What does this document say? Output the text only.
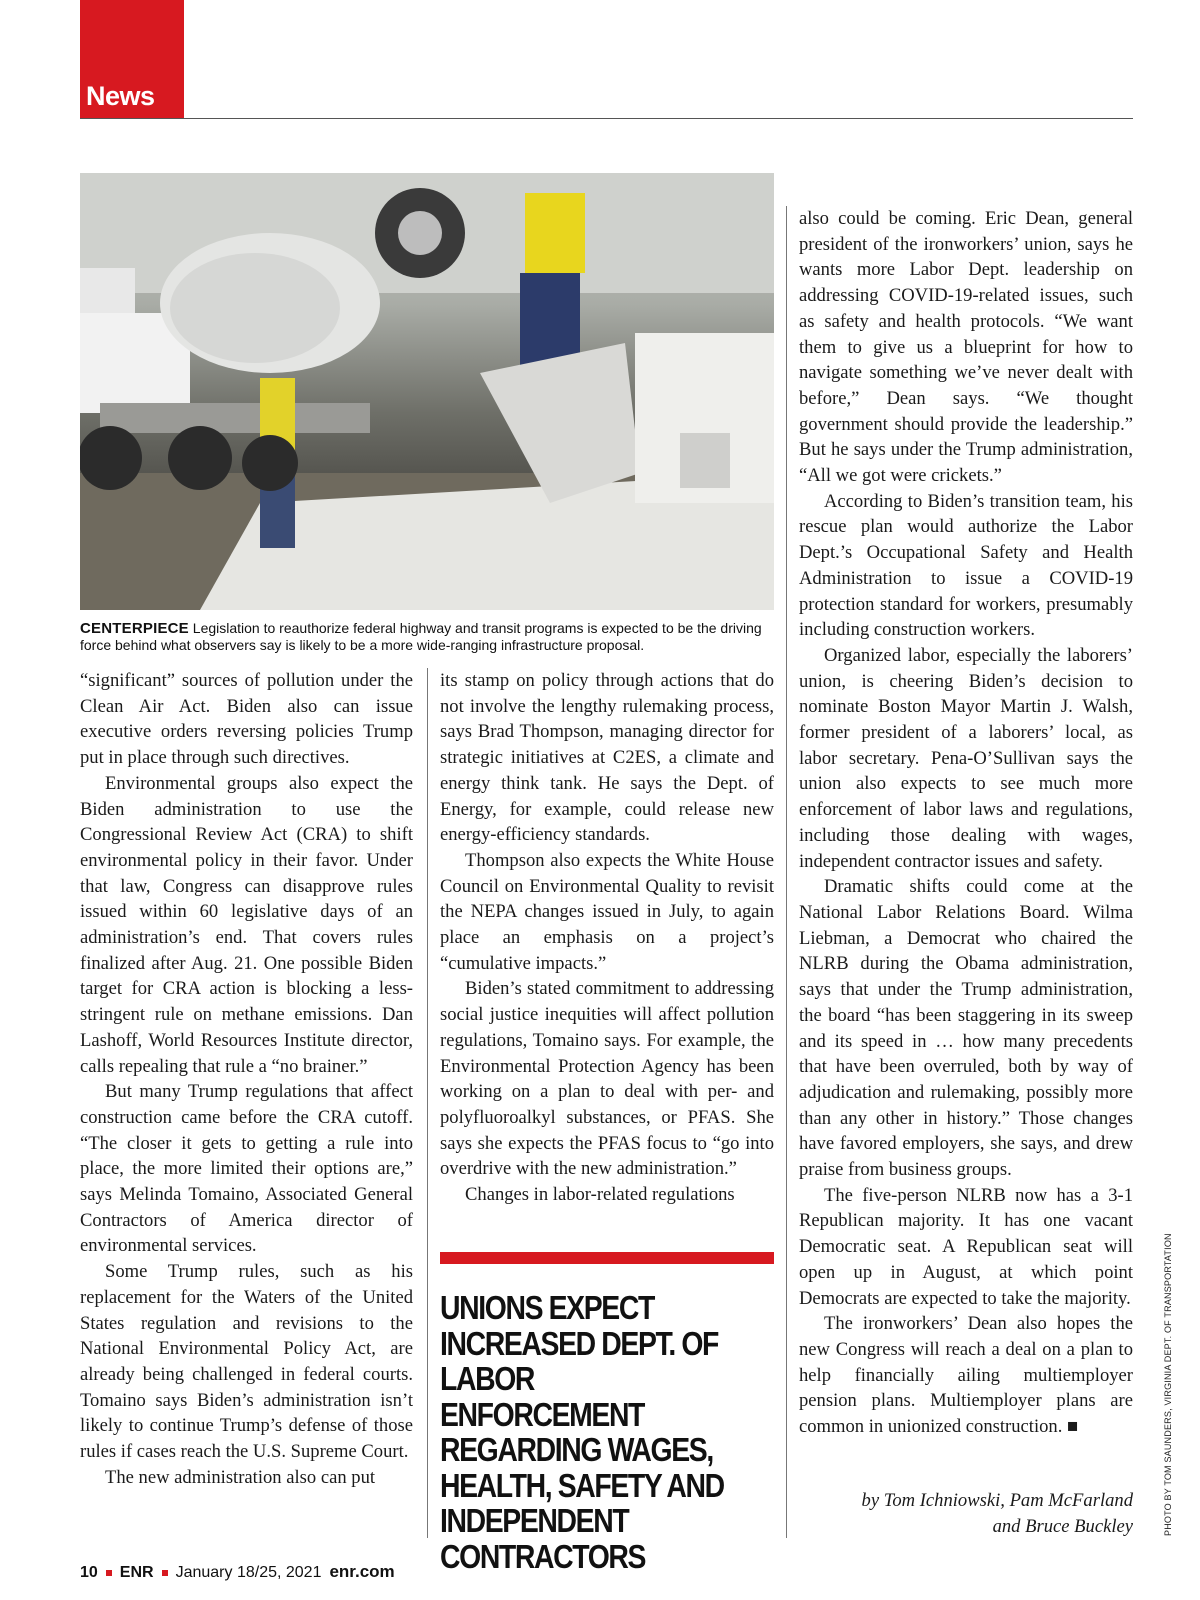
News
CENTERPIECE Legislation to reauthorize federal highway and transit programs is expected to be the driving force behind what observers say is likely to be a more wide-ranging infrastructure proposal.

“significant” sources of pollution under the Clean Air Act. Biden also can issue executive orders reversing policies Trump put in place through such directives.

Environmental groups also expect the Biden administration to use the Congressional Review Act (CRA) to shift environmental policy in their favor. Under that law, Congress can disapprove rules issued within 60 legislative days of an administration’s end. That covers rules finalized after Aug. 21. One possible Biden target for CRA action is blocking a less-stringent rule on methane emissions. Dan Lashoff, World Resources Institute director, calls repealing that rule a “no brainer.”

But many Trump regulations that affect construction came before the CRA cutoff. “The closer it gets to getting a rule into place, the more limited their options are,” says Melinda Tomaino, Associated General Contractors of America director of environmental services.

Some Trump rules, such as his replacement for the Waters of the United States regulation and revisions to the National Environmental Policy Act, are already being challenged in federal courts. Tomaino says Biden’s administration isn’t likely to continue Trump’s defense of those rules if cases reach the U.S. Supreme Court.

The new administration also can put

its stamp on policy through actions that do not involve the lengthy rulemaking process, says Brad Thompson, managing director for strategic initiatives at C2ES, a climate and energy think tank. He says the Dept. of Energy, for example, could release new energy-efficiency standards.

Thompson also expects the White House Council on Environmental Quality to revisit the NEPA changes issued in July, to again place an emphasis on a project’s “cumulative impacts.”

Biden’s stated commitment to addressing social justice inequities will affect pollution regulations, Tomaino says. For example, the Environmental Protection Agency has been working on a plan to deal with per- and polyfluoroalkyl substances, or PFAS. She says she expects the PFAS focus to “go into overdrive with the new administration.”

Changes in labor-related regulations

UNIONS EXPECT INCREASED DEPT. OF LABOR ENFORCEMENT REGARDING WAGES, HEALTH, SAFETY AND INDEPENDENT CONTRACTORS

also could be coming. Eric Dean, general president of the ironworkers’ union, says he wants more Labor Dept. leadership on addressing COVID-19-related issues, such as safety and health protocols. “We want them to give us a blueprint for how to navigate something we’ve never dealt with before,” Dean says. “We thought government should provide the leadership.” But he says under the Trump administration, “All we got were crickets.”

According to Biden’s transition team, his rescue plan would authorize the Labor Dept.’s Occupational Safety and Health Administration to issue a COVID-19 protection standard for workers, presumably including construction workers.

Organized labor, especially the laborers’ union, is cheering Biden’s decision to nominate Boston Mayor Martin J. Walsh, former president of a laborers’ local, as labor secretary. Pena-O’Sullivan says the union also expects to see much more enforcement of labor laws and regulations, including those dealing with wages, independent contractor issues and safety.

Dramatic shifts could come at the National Labor Relations Board. Wilma Liebman, a Democrat who chaired the NLRB during the Obama administration, says that under the Trump administration, the board “has been staggering in its sweep and its speed in … how many precedents that have been overruled, both by way of adjudication and rulemaking, possibly more than any other in history.” Those changes have favored employers, she says, and drew praise from business groups.

The five-person NLRB now has a 3-1 Republican majority. It has one vacant Democratic seat. A Republican seat will open up in August, at which point Democrats are expected to take the majority.

The ironworkers’ Dean also hopes the new Congress will reach a deal on a plan to help financially ailing multiemployer pension plans. Multiemployer plans are common in unionized construction. ■

by Tom Ichniowski, Pam McFarland
and Bruce Buckley	PHOTO BY TOM SAUNDERS, VIRGINIA DEPT. OF TRANSPORTATION
10 ENR January 18/25, 2021 enr.com
